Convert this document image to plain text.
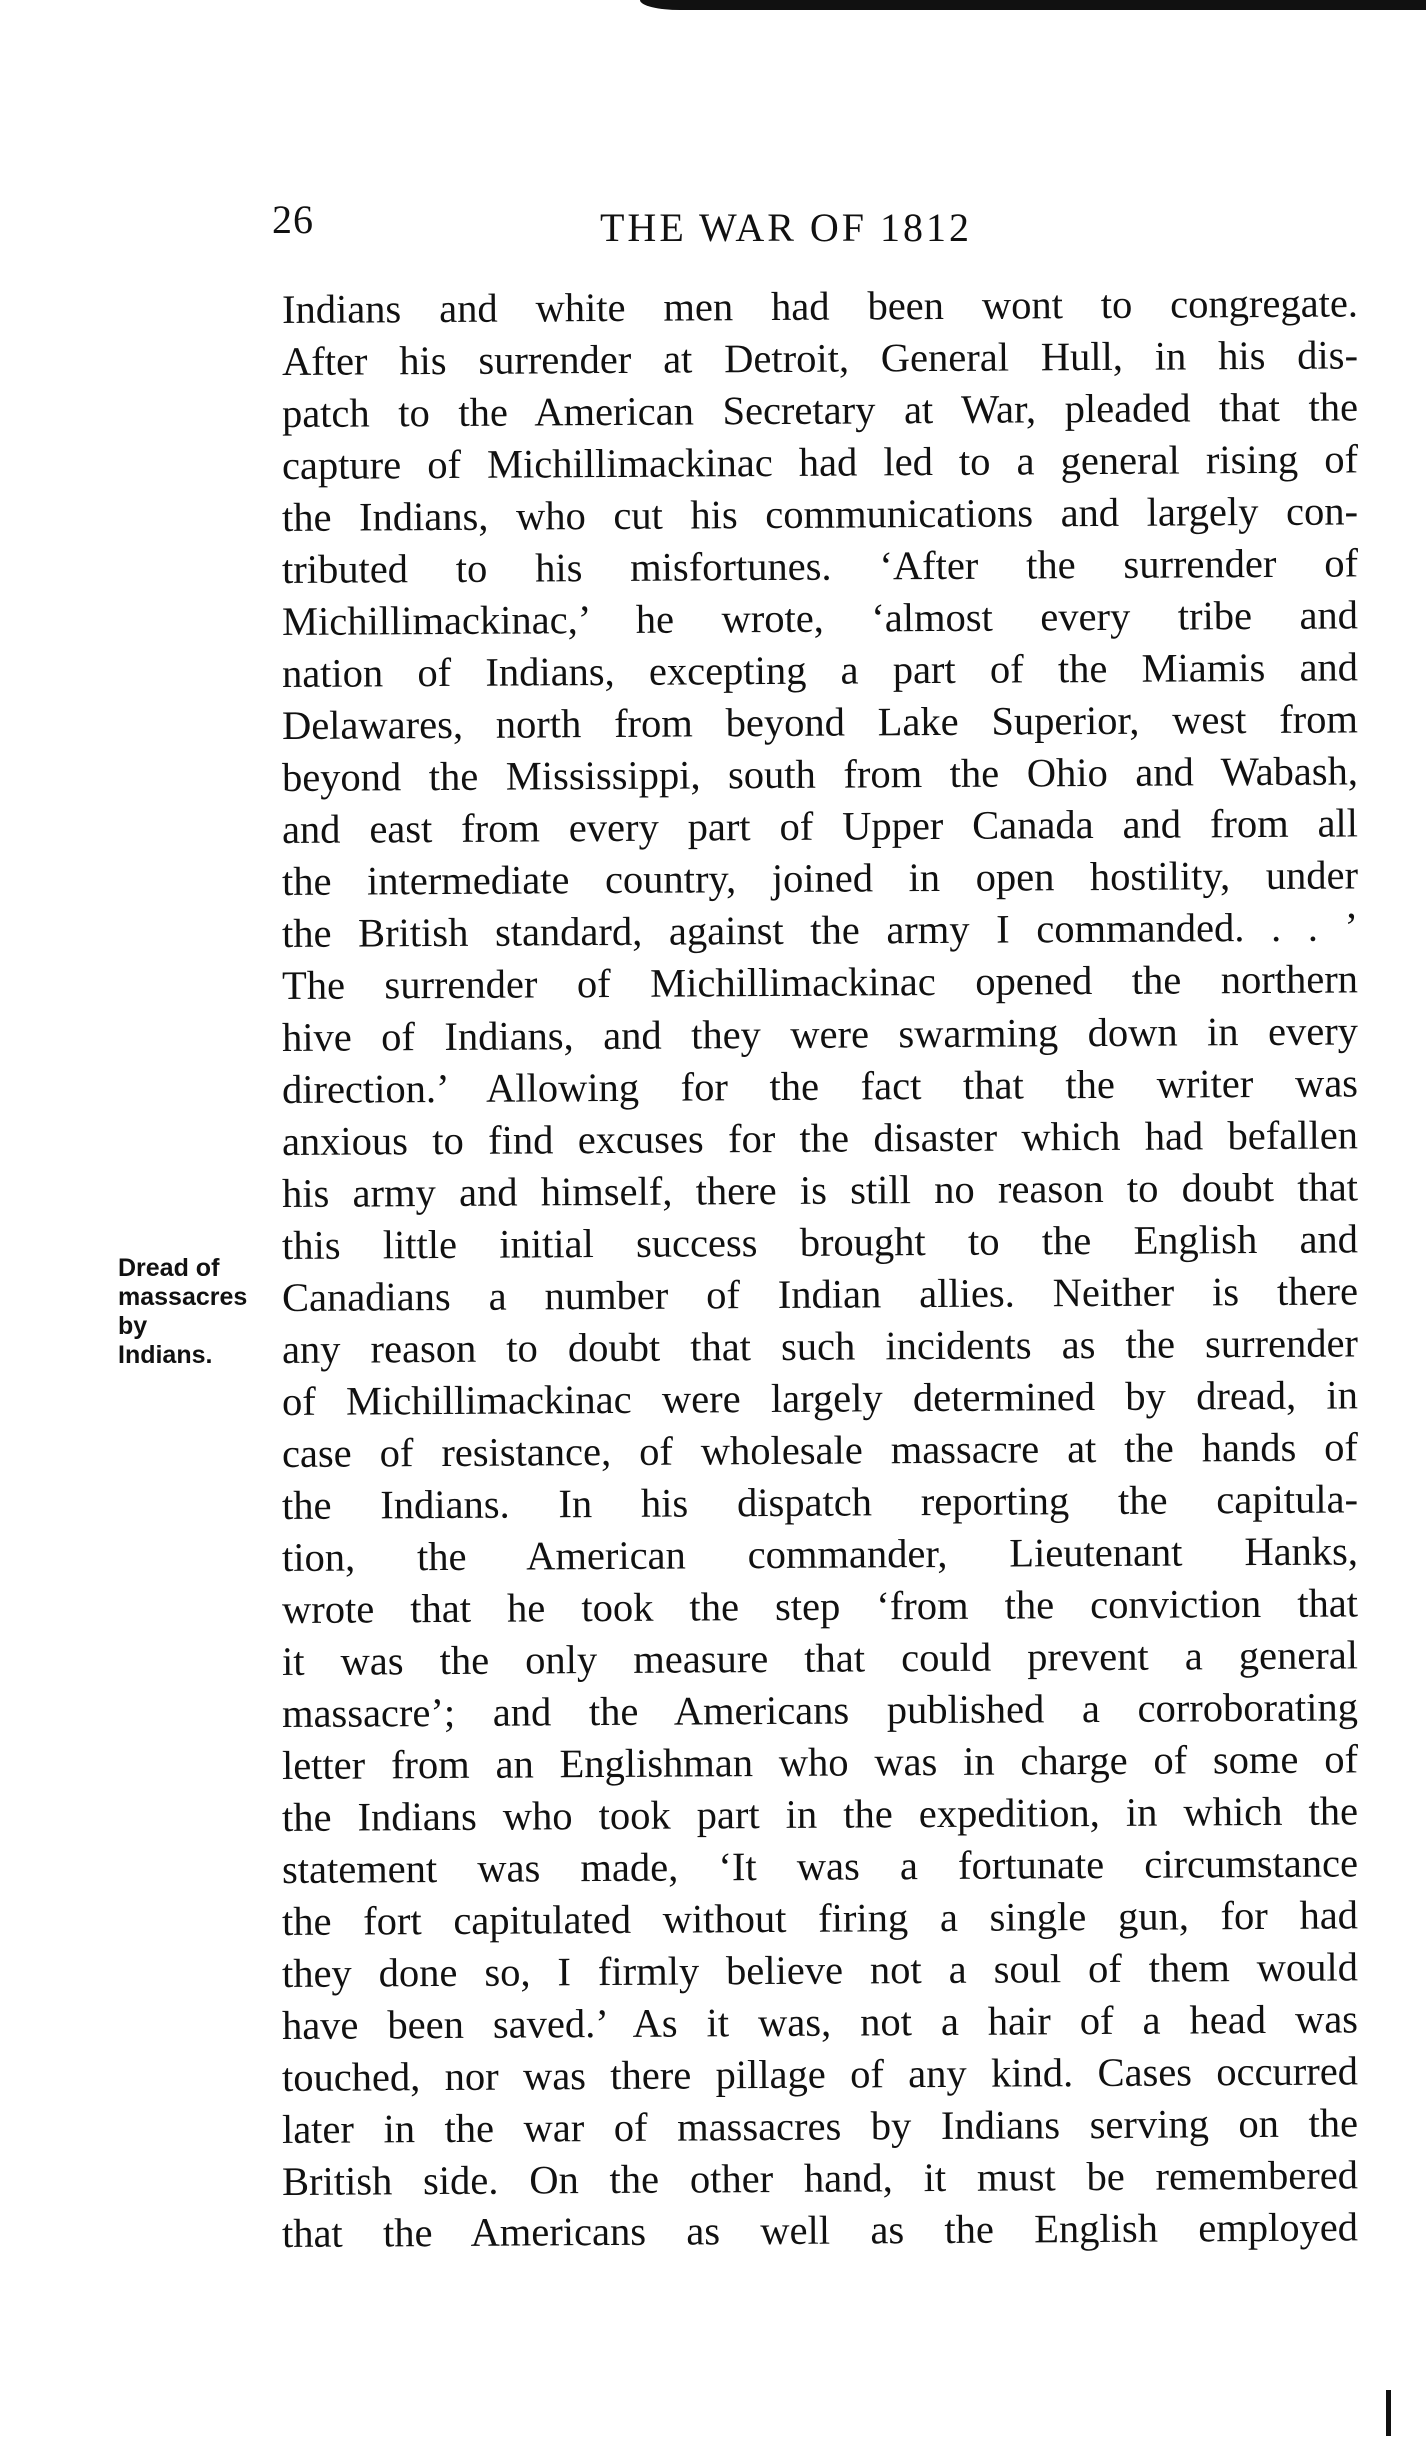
26	THE WAR OF 1812
Dread of
massacres
by
Indians.
Indians and white men had been wont to congregate.
After his surrender at Detroit, General Hull, in his dis-
patch to the American Secretary at War, pleaded that the
capture of Michillimackinac had led to a general rising of
the Indians, who cut his communications and largely con-
tributed to his misfortunes. ‘After the surrender of
Michillimackinac,’ he wrote, ‘almost every tribe and
nation of Indians, excepting a part of the Miamis and
Delawares, north from beyond Lake Superior, west from
beyond the Mississippi, south from the Ohio and Wabash,
and east from every part of Upper Canada and from all
the intermediate country, joined in open hostility, under
the British standard, against the army I commanded. . . ’
The surrender of Michillimackinac opened the northern
hive of Indians, and they were swarming down in every
direction.’ Allowing for the fact that the writer was
anxious to find excuses for the disaster which had befallen
his army and himself, there is still no reason to doubt that
this little initial success brought to the English and
Canadians a number of Indian allies. Neither is there
any reason to doubt that such incidents as the surrender
of Michillimackinac were largely determined by dread, in
case of resistance, of wholesale massacre at the hands of
the Indians. In his dispatch reporting the capitula-
tion, the American commander, Lieutenant Hanks,
wrote that he took the step ‘from the conviction that
it was the only measure that could prevent a general
massacre’; and the Americans published a corroborating
letter from an Englishman who was in charge of some of
the Indians who took part in the expedition, in which the
statement was made, ‘It was a fortunate circumstance
the fort capitulated without firing a single gun, for had
they done so, I firmly believe not a soul of them would
have been saved.’ As it was, not a hair of a head was
touched, nor was there pillage of any kind. Cases occurred
later in the war of massacres by Indians serving on the
British side. On the other hand, it must be remembered
that the Americans as well as the English employed
